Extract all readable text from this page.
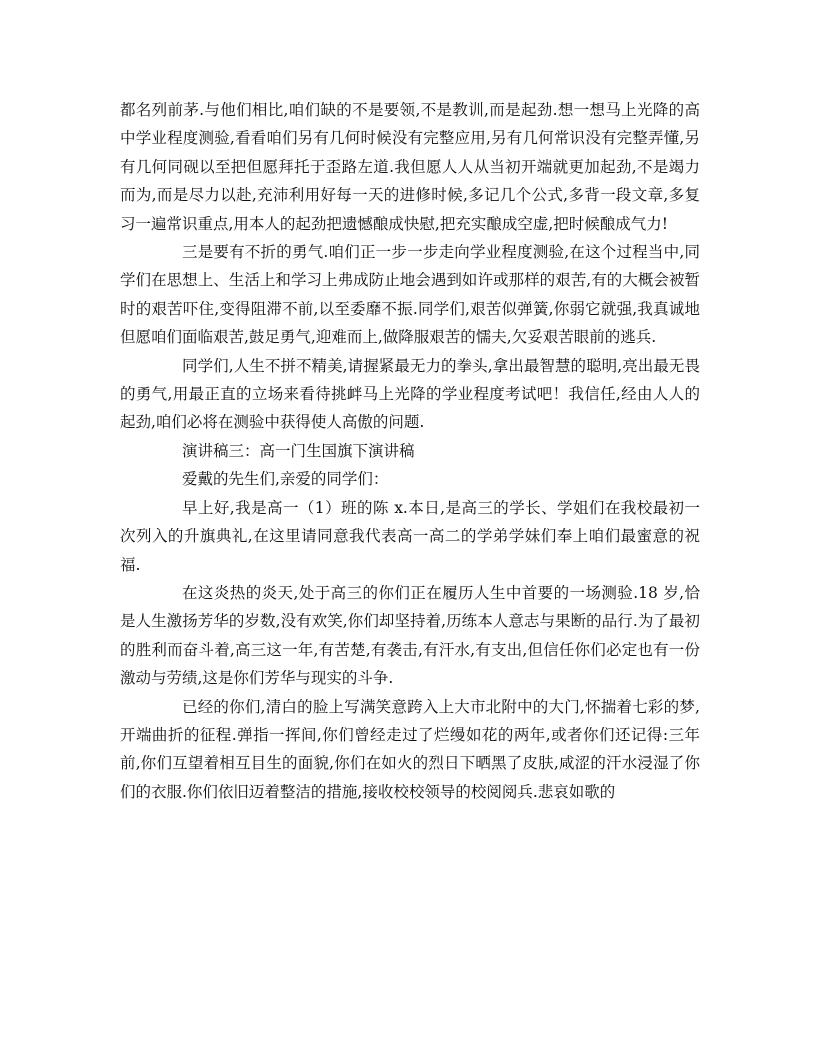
都名列前茅.与他们相比,咱们缺的不是要领,不是教训,而是起劲.想一想马上光降的高中学业程度测验,看看咱们另有几何时候没有完整应用,另有几何常识没有完整弄懂,另有几何同砚以至把但愿拜托于歪路左道.我但愿人人从当初开端就更加起劲,不是竭力而为,而是尽力以赴,充沛利用好每一天的进修时候,多记几个公式,多背一段文章,多复习一遍常识重点,用本人的起劲把遗憾酿成快慰,把充实酿成空虚,把时候酿成气力!

三是要有不折的勇气.咱们正一步一步走向学业程度测验,在这个过程当中,同学们在思想上、生活上和学习上弗成防止地会遇到如许或那样的艰苦,有的大概会被暂时的艰苦吓住,变得阻滞不前,以至委靡不振.同学们,艰苦似弹簧,你弱它就强,我真诚地但愿咱们面临艰苦,鼓足勇气,迎难而上,做降服艰苦的懦夫,欠妥艰苦眼前的逃兵.

同学们,人生不拼不精美,请握紧最无力的拳头,拿出最智慧的聪明,亮出最无畏的勇气,用最正直的立场来看待挑衅马上光降的学业程度考试吧！我信任,经由人人的起劲,咱们必将在测验中获得使人高傲的问题.

演讲稿三：高一门生国旗下演讲稿

爱戴的先生们,亲爱的同学们：

早上好,我是高一（1）班的陈 x.本日,是高三的学长、学姐们在我校最初一次列入的升旗典礼,在这里请同意我代表高一高二的学弟学妹们奉上咱们最蜜意的祝福.

在这炎热的炎天,处于高三的你们正在履历人生中首要的一场测验.18 岁,恰是人生激扬芳华的岁数,没有欢笑,你们却坚持着,历练本人意志与果断的品行.为了最初的胜利而奋斗着,高三这一年,有苦楚,有袭击,有汗水,有支出,但信任你们必定也有一份激动与劳绩,这是你们芳华与现实的斗争.

已经的你们,清白的脸上写满笑意跨入上大市北附中的大门,怀揣着七彩的梦,开端曲折的征程.弹指一挥间,你们曾经走过了烂缦如花的两年,或者你们还记得:三年前,你们互望着相互目生的面貌,你们在如火的烈日下晒黑了皮肤,咸涩的汗水浸湿了你们的衣服.你们依旧迈着整洁的措施,接收校校领导的校阅阅兵.悲哀如歌的
